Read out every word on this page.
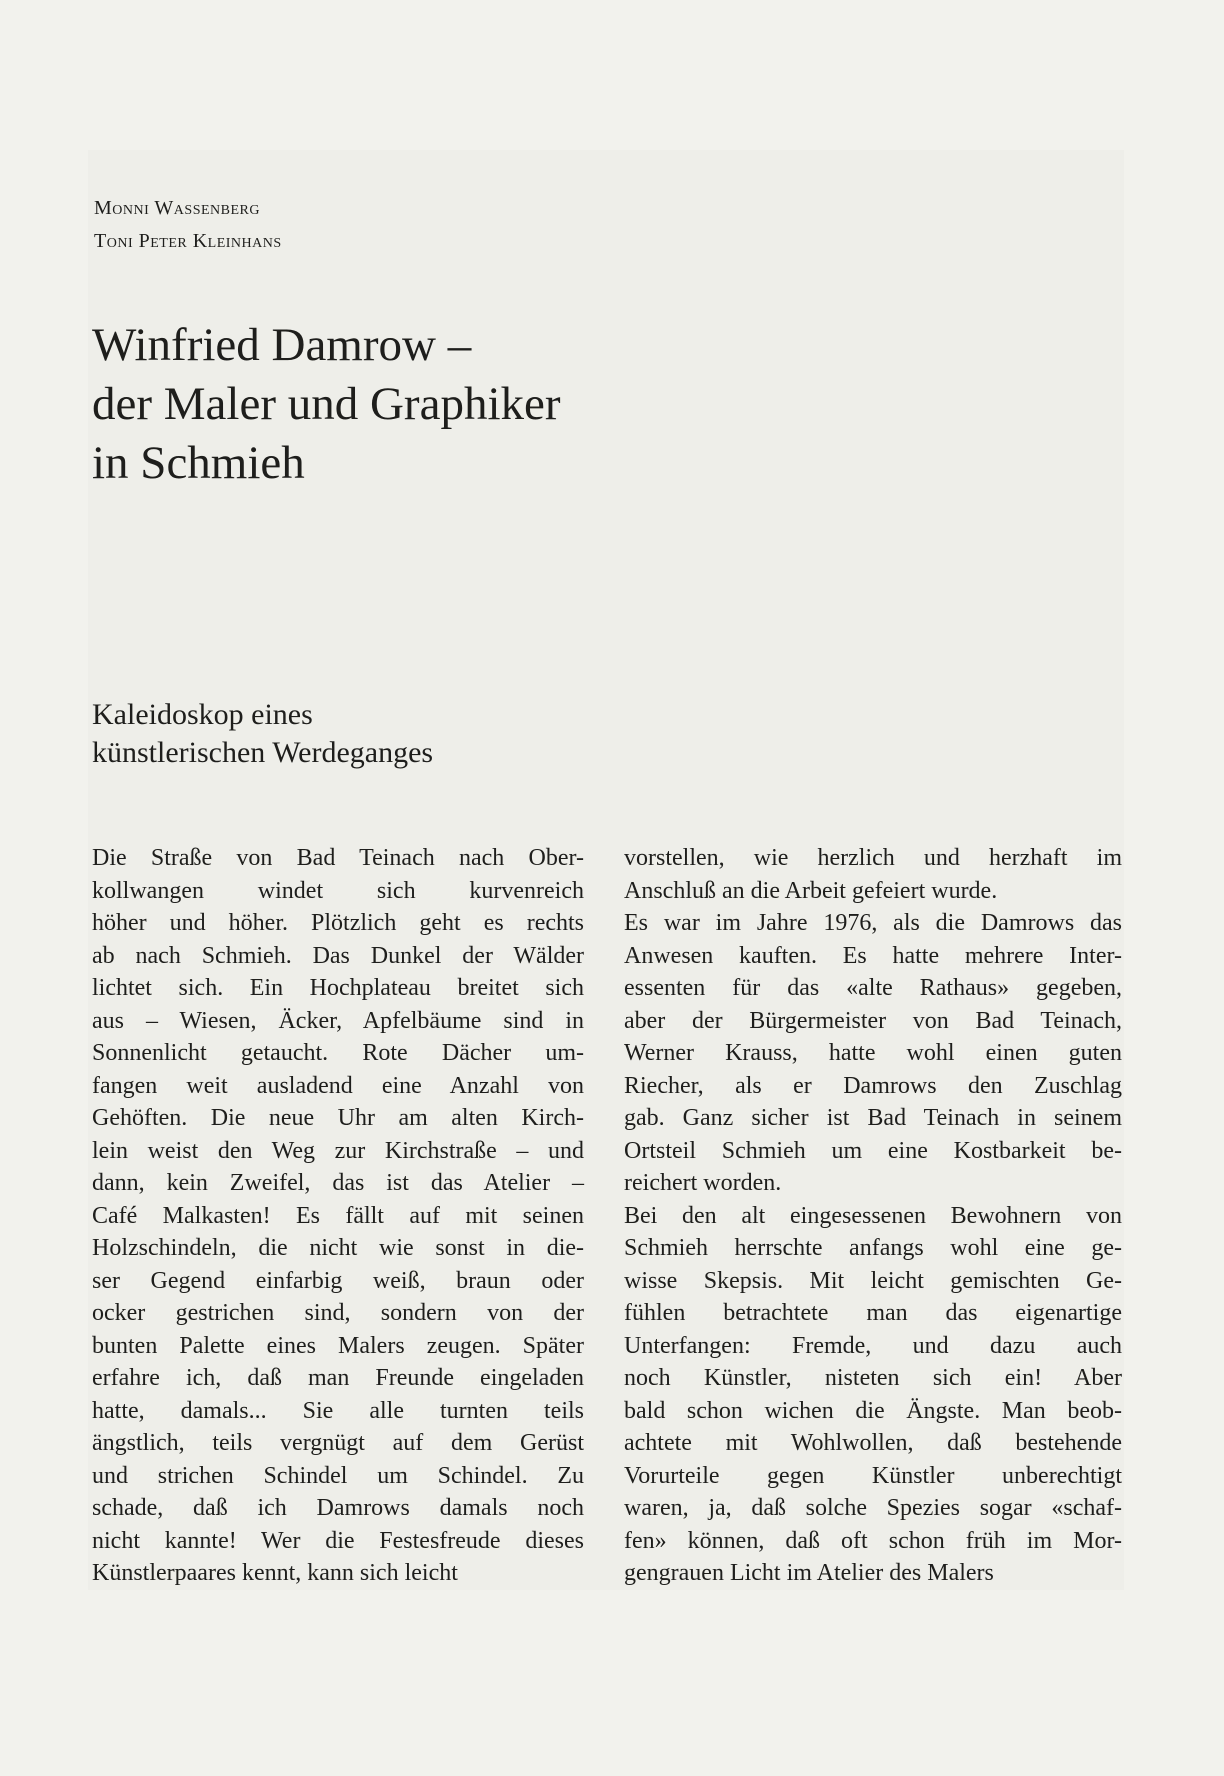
Monni Wassenberg
Toni Peter Kleinhans
Winfried Damrow –
der Maler und Graphiker
in Schmieh
Kaleidoskop eines
künstlerischen Werdeganges
Die Straße von Bad Teinach nach Ober-
kollwangen windet sich kurvenreich
höher und höher. Plötzlich geht es rechts
ab nach Schmieh. Das Dunkel der Wälder
lichtet sich. Ein Hochplateau breitet sich
aus – Wiesen, Äcker, Apfelbäume sind in
Sonnenlicht getaucht. Rote Dächer um-
fangen weit ausladend eine Anzahl von
Gehöften. Die neue Uhr am alten Kirch-
lein weist den Weg zur Kirchstraße – und
dann, kein Zweifel, das ist das Atelier –
Café Malkasten! Es fällt auf mit seinen
Holzschindeln, die nicht wie sonst in die-
ser Gegend einfarbig weiß, braun oder
ocker gestrichen sind, sondern von der
bunten Palette eines Malers zeugen. Später
erfahre ich, daß man Freunde eingeladen
hatte, damals... Sie alle turnten teils
ängstlich, teils vergnügt auf dem Gerüst
und strichen Schindel um Schindel. Zu
schade, daß ich Damrows damals noch
nicht kannte! Wer die Festesfreude dieses
Künstlerpaares kennt, kann sich leicht
vorstellen, wie herzlich und herzhaft im
Anschluß an die Arbeit gefeiert wurde.
Es war im Jahre 1976, als die Damrows das
Anwesen kauften. Es hatte mehrere Inter-
essenten für das «alte Rathaus» gegeben,
aber der Bürgermeister von Bad Teinach,
Werner Krauss, hatte wohl einen guten
Riecher, als er Damrows den Zuschlag
gab. Ganz sicher ist Bad Teinach in seinem
Ortsteil Schmieh um eine Kostbarkeit be-
reichert worden.
Bei den alt eingesessenen Bewohnern von
Schmieh herrschte anfangs wohl eine ge-
wisse Skepsis. Mit leicht gemischten Ge-
fühlen betrachtete man das eigenartige
Unterfangen: Fremde, und dazu auch
noch Künstler, nisteten sich ein! Aber
bald schon wichen die Ängste. Man beob-
achtete mit Wohlwollen, daß bestehende
Vorurteile gegen Künstler unberechtigt
waren, ja, daß solche Spezies sogar «schaf-
fen» können, daß oft schon früh im Mor-
gengrauen Licht im Atelier des Malers
